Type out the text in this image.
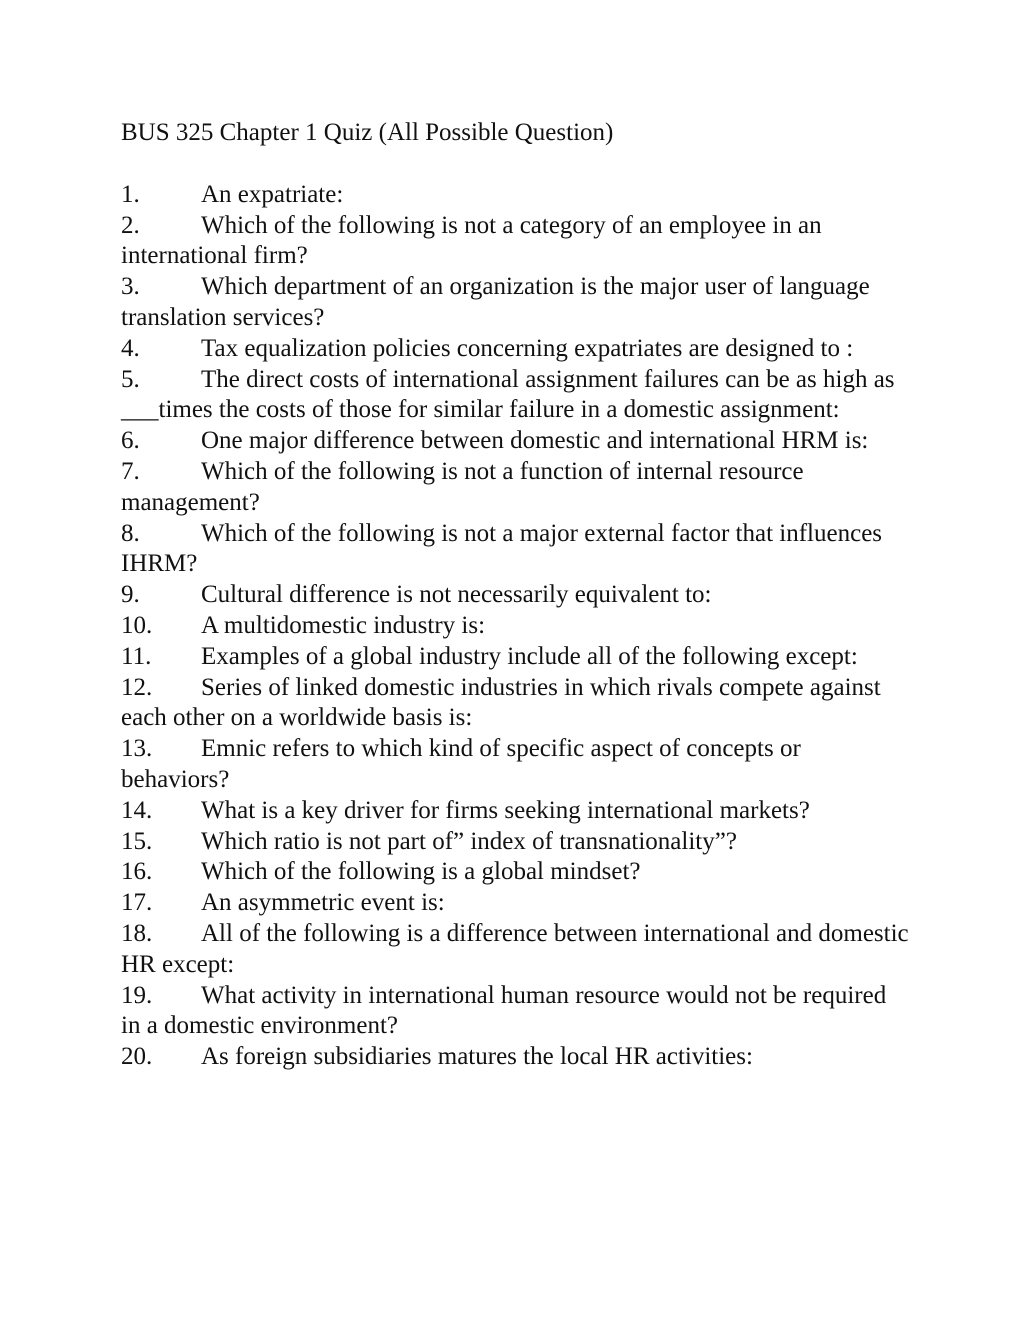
BUS 325 Chapter 1 Quiz (All Possible Question)
1. An expatriate:
2. Which of the following is not a category of an employee in an international firm?
3. Which department of an organization is the major user of language translation services?
4. Tax equalization policies concerning expatriates are designed to :
5. The direct costs of international assignment failures can be as high as ___times the costs of those for similar failure in a domestic assignment:
6. One major difference between domestic and international HRM is:
7. Which of the following is not a function of internal resource management?
8. Which of the following is not a major external factor that influences IHRM?
9. Cultural difference is not necessarily equivalent to:
10. A multidomestic industry is:
11. Examples of a global industry include all of the following except:
12. Series of linked domestic industries in which rivals compete against each other on a worldwide basis is:
13. Emnic refers to which kind of specific aspect of concepts or behaviors?
14. What is a key driver for firms seeking international markets?
15. Which ratio is not part of” index of transnationality”?
16. Which of the following is a global mindset?
17. An asymmetric event is:
18. All of the following is a difference between international and domestic HR except:
19. What activity in international human resource would not be required in a domestic environment?
20. As foreign subsidiaries matures the local HR activities:
